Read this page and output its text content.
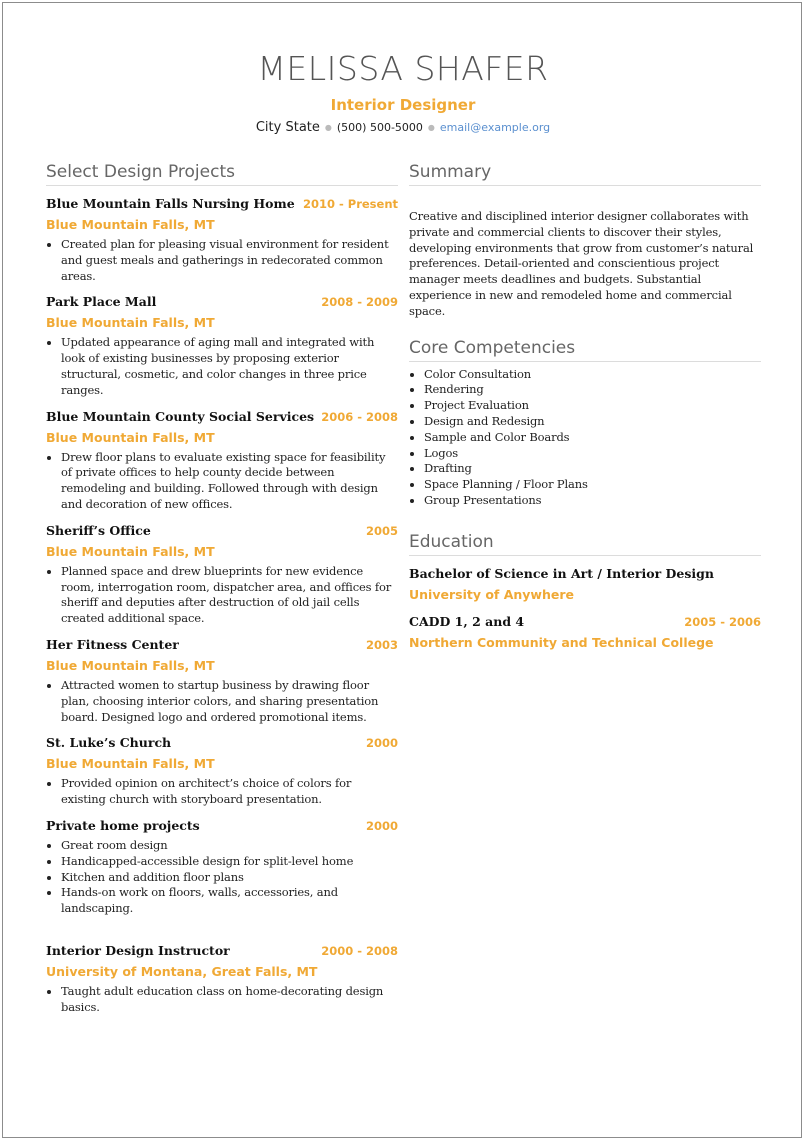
MELISSA SHAFER
Interior Designer
City State ● (500) 500-5000 ● email@example.org
Select Design Projects
Blue Mountain Falls Nursing Home 2010 - Present
Blue Mountain Falls, MT
• Created plan for pleasing visual environment for resident and guest meals and gatherings in redecorated common areas.
Park Place Mall	2008 - 2009
Blue Mountain Falls, MT
• Updated appearance of aging mall and integrated with look of existing businesses by proposing exterior structural, cosmetic, and color changes in three price ranges.
Blue Mountain County Social Services 2006 - 2008
Blue Mountain Falls, MT
• Drew floor plans to evaluate existing space for feasibility of private offices to help county decide between remodeling and building. Followed through with design and decoration of new offices.
Sheriff’s Office	2005
Blue Mountain Falls, MT
• Planned space and drew blueprints for new evidence room, interrogation room, dispatcher area, and offices for sheriff and deputies after destruction of old jail cells created additional space.
Her Fitness Center	2003
Blue Mountain Falls, MT
• Attracted women to startup business by drawing floor plan, choosing interior colors, and sharing presentation board. Designed logo and ordered promotional items.
St. Luke’s Church	2000
Blue Mountain Falls, MT
• Provided opinion on architect’s choice of colors for existing church with storyboard presentation.
Private home projects	2000
• Great room design
• Handicapped-accessible design for split-level home
• Kitchen and addition floor plans
• Hands-on work on floors, walls, accessories, and landscaping.
Interior Design Instructor	2000 - 2008
University of Montana, Great Falls, MT
• Taught adult education class on home-decorating design basics.
Summary
Creative and disciplined interior designer collaborates with private and commercial clients to discover their styles, developing environments that grow from customer’s natural preferences. Detail-oriented and conscientious project manager meets deadlines and budgets. Substantial experience in new and remodeled home and commercial space.
Core Competencies
• Color Consultation
• Rendering
• Project Evaluation
• Design and Redesign
• Sample and Color Boards
• Logos
• Drafting
• Space Planning / Floor Plans
• Group Presentations
Education
Bachelor of Science in Art / Interior Design
University of Anywhere
CADD 1, 2 and 4	2005 - 2006
Northern Community and Technical College
